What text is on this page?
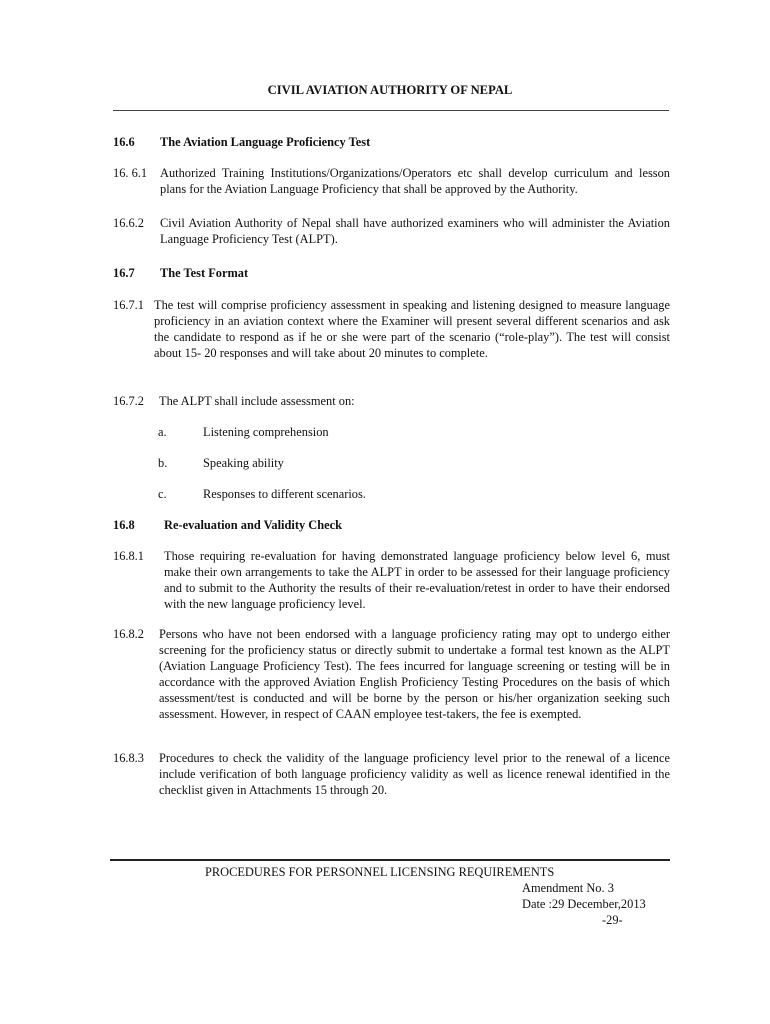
CIVIL AVIATION AUTHORITY OF NEPAL
16.6	The Aviation Language Proficiency Test
16. 6.1	Authorized Training Institutions/Organizations/Operators etc shall develop curriculum and lesson plans for the Aviation Language Proficiency that shall be approved by the Authority.
16.6.2	Civil Aviation Authority of Nepal shall have authorized examiners who will administer the Aviation Language Proficiency Test (ALPT).
16.7	The Test Format
16.7.1 The test will comprise proficiency assessment in speaking and listening designed to measure language proficiency in an aviation context where the Examiner will present several different scenarios and ask the candidate to respond as if he or she were part of the scenario (“role-play”). The test will consist about 15- 20 responses and will take about 20 minutes to complete.
16.7.2	The ALPT shall include assessment on:
a.	Listening comprehension
b.	Speaking ability
c.	Responses to different scenarios.
16.8	Re-evaluation and Validity Check
16.8.1	Those requiring re-evaluation for having demonstrated language proficiency below level 6, must make their own arrangements to take the ALPT in order to be assessed for their language proficiency and to submit to the Authority the results of their re-evaluation/retest in order to have their endorsed with the new language proficiency level.
16.8.2	Persons who have not been endorsed with a language proficiency rating may opt to undergo either screening for the proficiency status or directly submit to undertake a formal test known as the ALPT (Aviation Language Proficiency Test). The fees incurred for language screening or testing will be in accordance with the approved Aviation English Proficiency Testing Procedures on the basis of which assessment/test is conducted and will be borne by the person or his/her organization seeking such assessment. However, in respect of CAAN employee test-takers, the fee is exempted.
16.8.3	Procedures to check the validity of the language proficiency level prior to the renewal of a licence include verification of both language proficiency validity as well as licence renewal identified in the checklist given in Attachments 15 through 20.
PROCEDURES FOR PERSONNEL LICENSING REQUIREMENTS
Amendment No. 3
Date :29 December,2013
-29-
